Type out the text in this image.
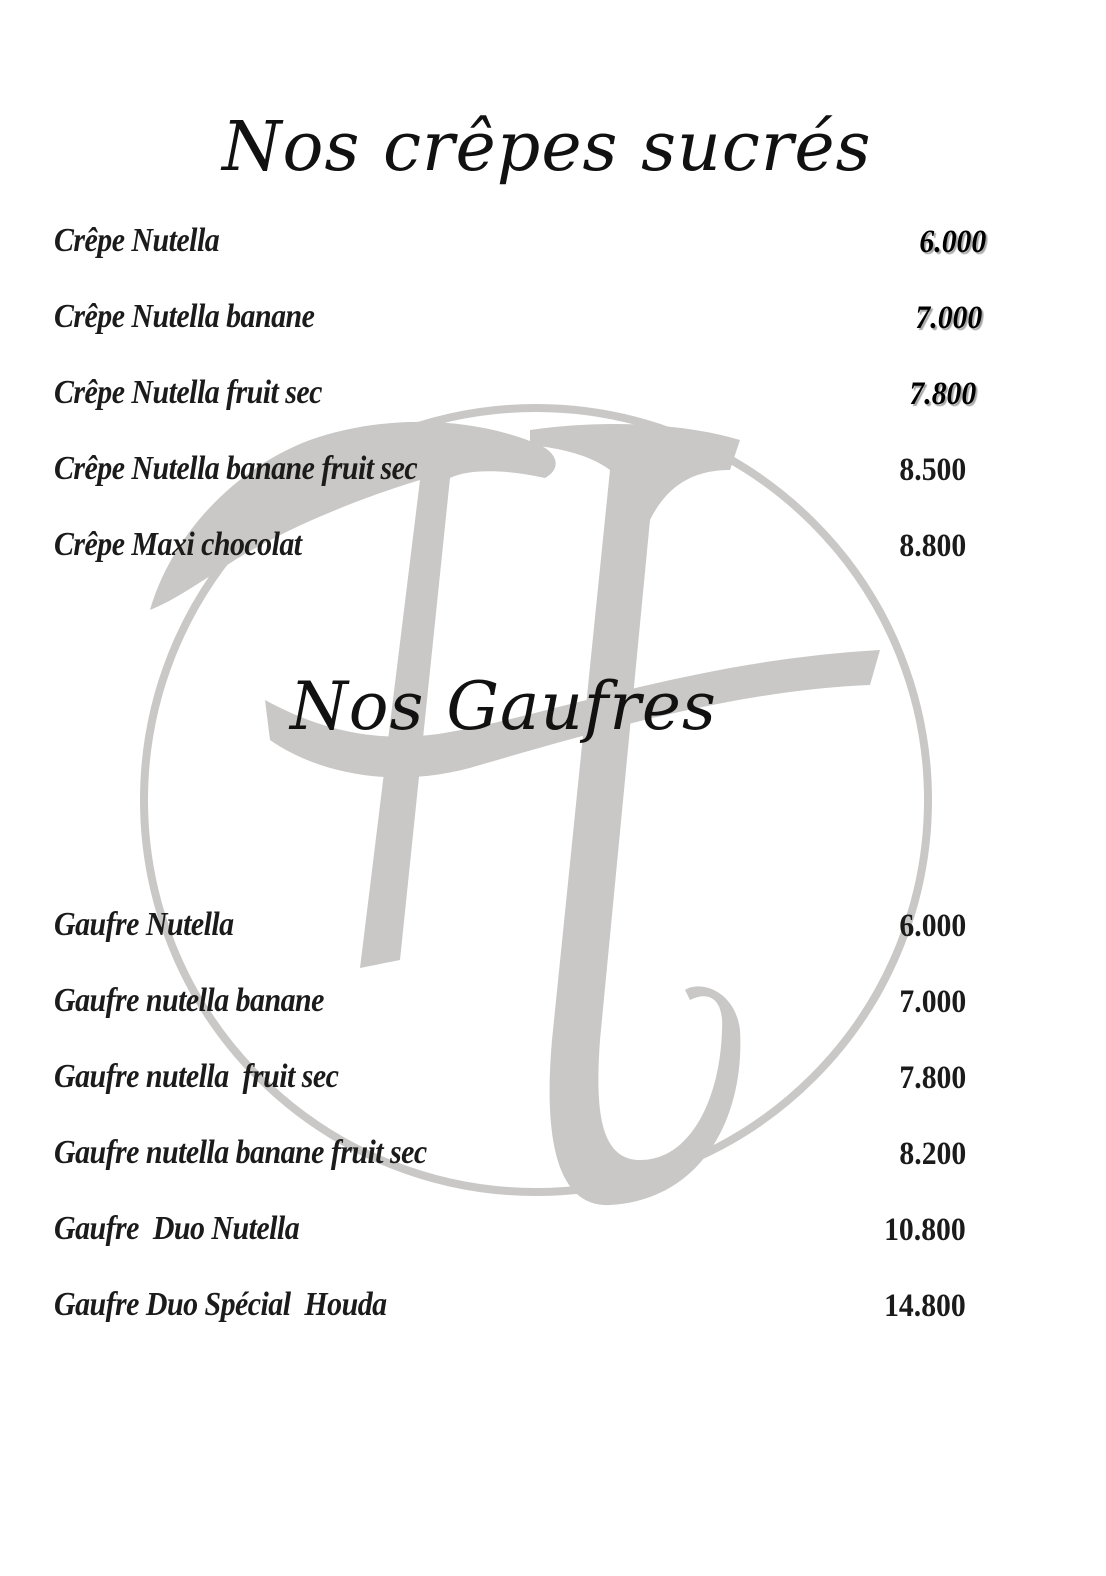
Nos crêpes sucrés
Crêpe Nutella	6.000
Crêpe Nutella banane	7.000
Crêpe Nutella fruit sec	7.800
Crêpe Nutella banane fruit sec	8.500
Crêpe Maxi chocolat	8.800
Nos Gaufres
Gaufre Nutella	6.000
Gaufre nutella banane	7.000
Gaufre nutella  fruit sec	7.800
Gaufre nutella banane fruit sec	8.200
Gaufre  Duo Nutella	10.800
Gaufre Duo Spécial  Houda	14.800
